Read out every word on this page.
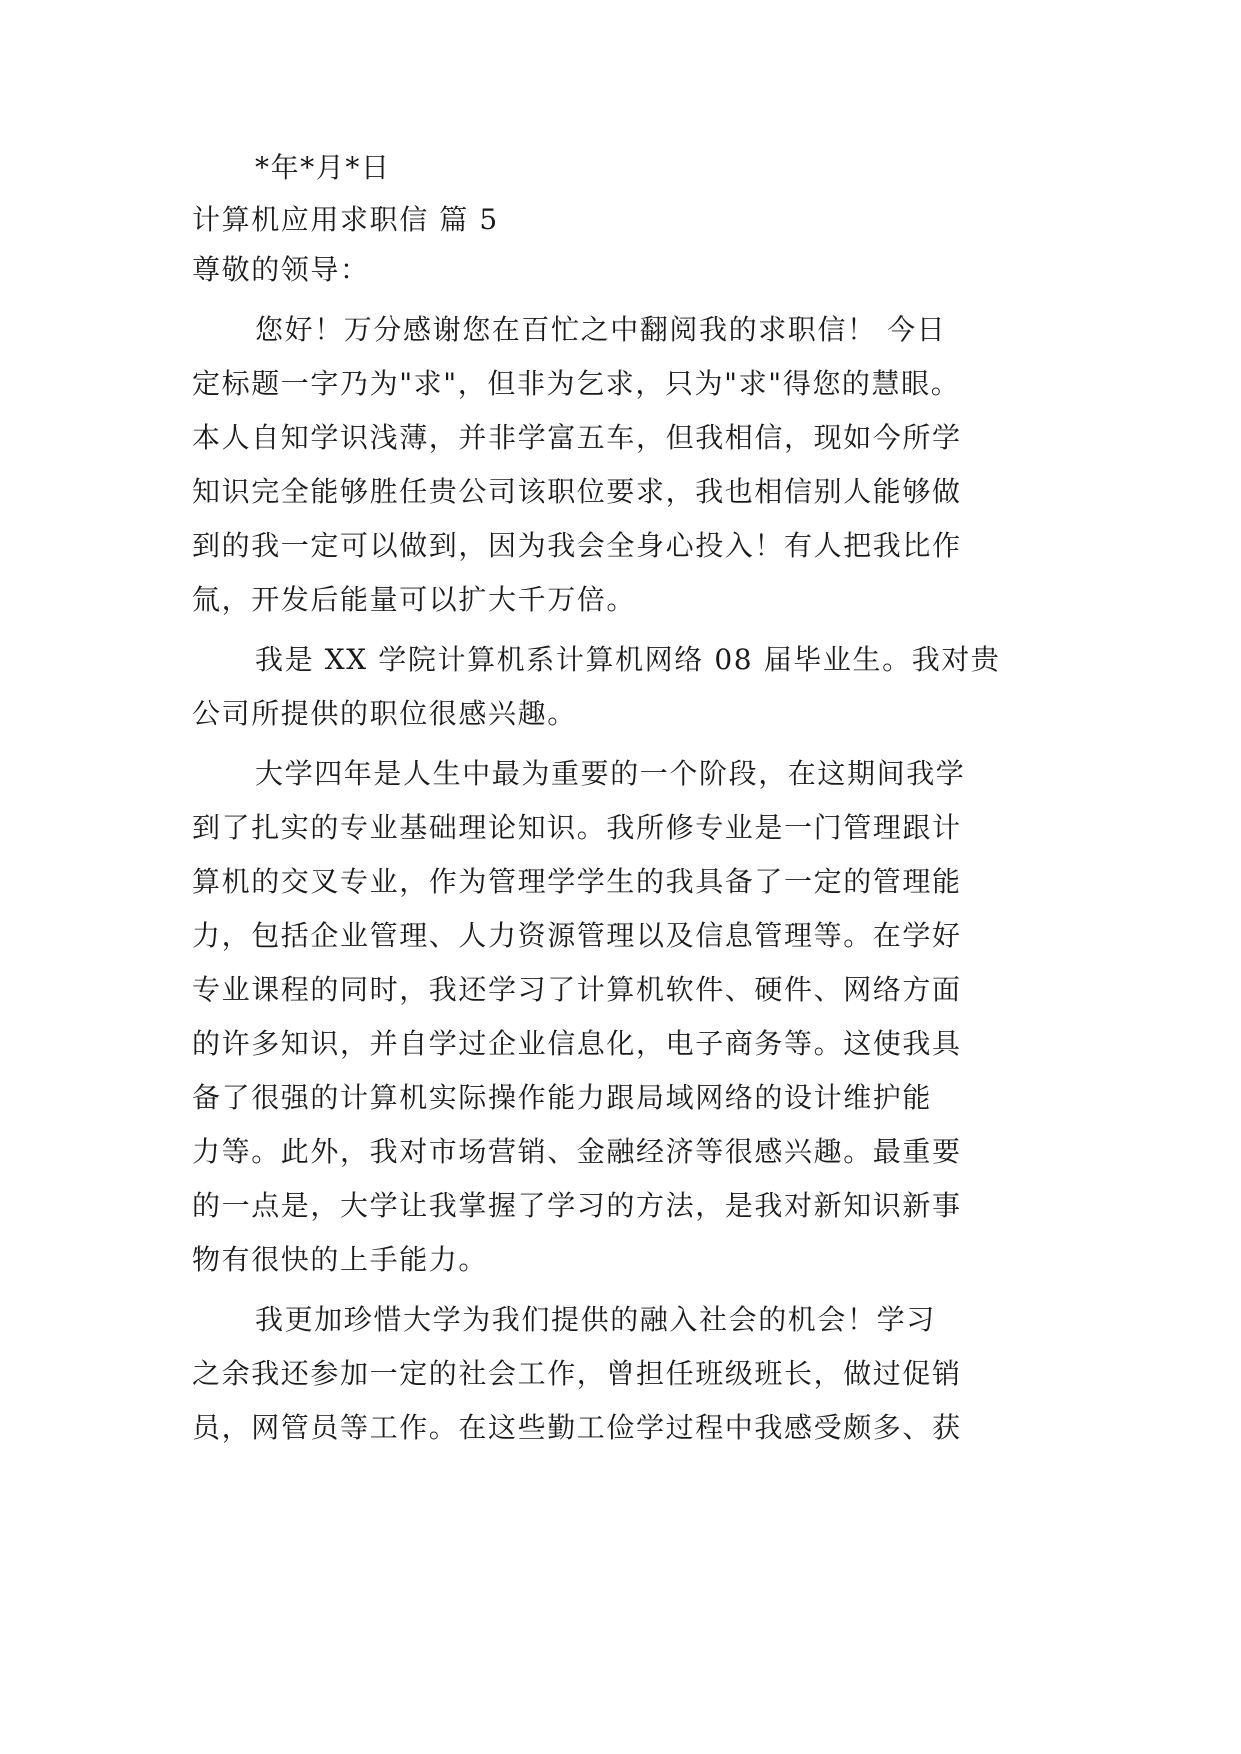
*年*月*日
计算机应用求职信 篇 5
尊敬的领导：
您好！万分感谢您在百忙之中翻阅我的求职信！ 今日
定标题一字乃为"求"，但非为乞求，只为"求"得您的慧眼。
本人自知学识浅薄，并非学富五车，但我相信，现如今所学
知识完全能够胜任贵公司该职位要求，我也相信别人能够做
到的我一定可以做到，因为我会全身心投入！有人把我比作
氚，开发后能量可以扩大千万倍。
我是 XX 学院计算机系计算机网络 08 届毕业生。我对贵
公司所提供的职位很感兴趣。
大学四年是人生中最为重要的一个阶段，在这期间我学
到了扎实的专业基础理论知识。我所修专业是一门管理跟计
算机的交叉专业，作为管理学学生的我具备了一定的管理能
力，包括企业管理、人力资源管理以及信息管理等。在学好
专业课程的同时，我还学习了计算机软件、硬件、网络方面
的许多知识，并自学过企业信息化，电子商务等。这使我具
备了很强的计算机实际操作能力跟局域网络的设计维护能
力等。此外，我对市场营销、金融经济等很感兴趣。最重要
的一点是，大学让我掌握了学习的方法，是我对新知识新事
物有很快的上手能力。
我更加珍惜大学为我们提供的融入社会的机会！学习
之余我还参加一定的社会工作，曾担任班级班长，做过促销
员，网管员等工作。在这些勤工俭学过程中我感受颇多、获
